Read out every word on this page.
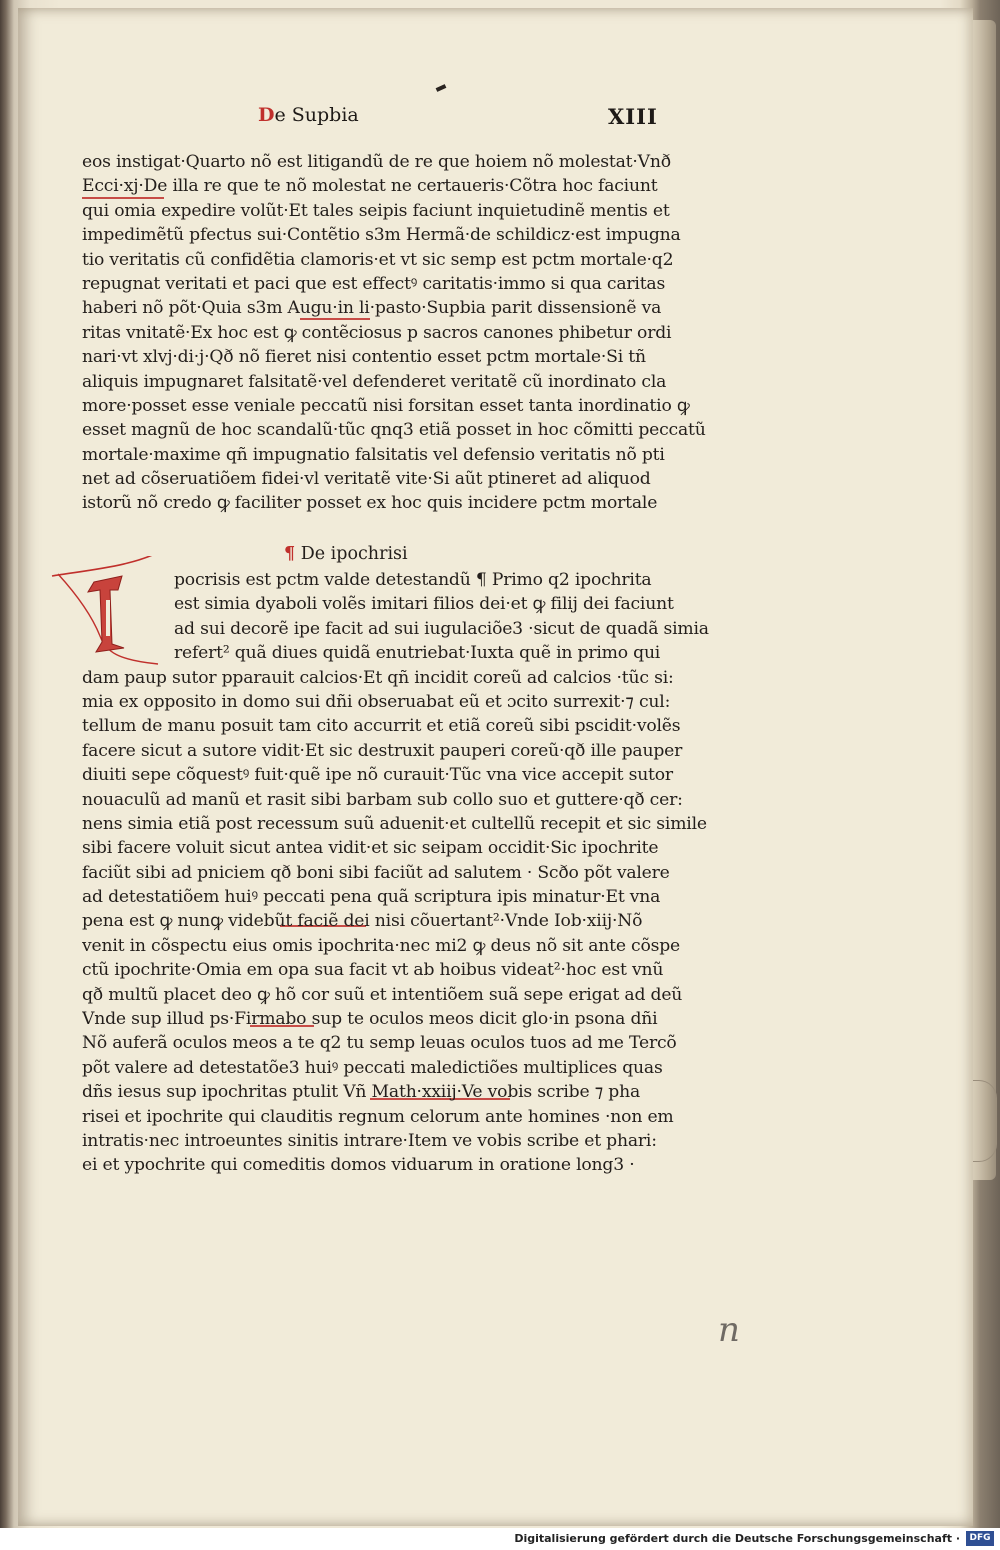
De Supbia	XIII
eos instigat·Quarto nõ est litigandũ de re que hoiem nõ molestat·Vnð
Ecci·xj·De illa re que te nõ molestat ne certaueris·Cõtra hoc faciunt
qui omia expedire volũt·Et tales seipis faciunt inquietudinẽ mentis et
impedimẽtũ pfectus sui·Contẽtio s3m Hermã·de schildicz·est impugna
tio veritatis cũ confidẽtia clamoris·et vt sic semp est pctm mortale·q2
repugnat veritati et paci que est effectꝰ caritatis·immo si qua caritas
haberi nõ põt·Quia s3m Augu·in li·pasto·Supbia parit dissensionẽ va
ritas vnitatẽ·Ex hoc est ꝙ contẽciosus p sacros canones phibetur ordi
nari·vt xlvj·di·j·Qð nõ fieret nisi contentio esset pctm mortale·Si tñ
aliquis impugnaret falsitatẽ·vel defenderet veritatẽ cũ inordinato cla
more·posset esse veniale peccatũ nisi forsitan esset tanta inordinatio ꝙ
esset magnũ de hoc scandalũ·tũc qnq3 etiã posset in hoc cõmitti peccatũ
mortale·maxime qñ impugnatio falsitatis vel defensio veritatis nõ pti
net ad cõseruatiõem fidei·vl veritatẽ vite·Si aũt ptineret ad aliquod
istorũ nõ credo ꝙ faciliter posset ex hoc quis incidere pctm mortale
¶ De ipochrisi
pocrisis est pctm valde detestandũ ¶ Primo q2 ipochrita
est simia dyaboli volẽs imitari filios dei·et ꝙ filij dei faciunt
ad sui decorẽ ipe facit ad sui iugulaciõe3 ·sicut de quadã simia
refert² quã diues quidã enutriebat·Iuxta quẽ in primo qui
dam paup sutor pparauit calcios·Et qñ incidit coreũ ad calcios ·tũc si:
mia ex opposito in domo sui dñi obseruabat eũ et ɔcito surrexit·⁊ cul:
tellum de manu posuit tam cito accurrit et etiã coreũ sibi pscidit·volẽs
facere sicut a sutore vidit·Et sic destruxit pauperi coreũ·qð ille pauper
diuiti sepe cõquestꝰ fuit·quẽ ipe nõ curauit·Tũc vna vice accepit sutor
nouaculũ ad manũ et rasit sibi barbam sub collo suo et guttere·qð cer:
nens simia etiã post recessum suũ aduenit·et cultellũ recepit et sic simile
sibi facere voluit sicut antea vidit·et sic seipam occidit·Sic ipochrite
faciũt sibi ad pniciem qð boni sibi faciũt ad salutem · Scðo põt valere
ad detestatiõem huiꝰ peccati pena quã scriptura ipis minatur·Et vna
pena est ꝙ nunꝙ videbũt faciẽ dei nisi cõuertant²·Vnde Iob·xiij·Nõ
venit in cõspectu eius omis ipochrita·nec mi2 ꝙ deus nõ sit ante cõspe
ctũ ipochrite·Omia em opa sua facit vt ab hoibus videat²·hoc est vnũ
qð multũ placet deo ꝙ hõ cor suũ et intentiõem suã sepe erigat ad deũ
Vnde sup illud ps·Firmabo sup te oculos meos dicit glo·in psona dñi
Nõ auferã oculos meos a te q2 tu semp leuas oculos tuos ad me Tercõ
põt valere ad detestatõe3 huiꝰ peccati maledictiões multiplices quas
dñs iesus sup ipochritas ptulit Vñ Math·xxiij·Ve vobis scribe ⁊ pha
risei et ipochrite qui clauditis regnum celorum ante homines ·non em
intratis·nec introeuntes sinitis intrare·Item ve vobis scribe et phari:
ei et ypochrite qui comeditis domos viduarum in oratione long3 ·
n
Digitalisierung gefördert durch die Deutsche Forschungsgemeinschaft ·	DFG
